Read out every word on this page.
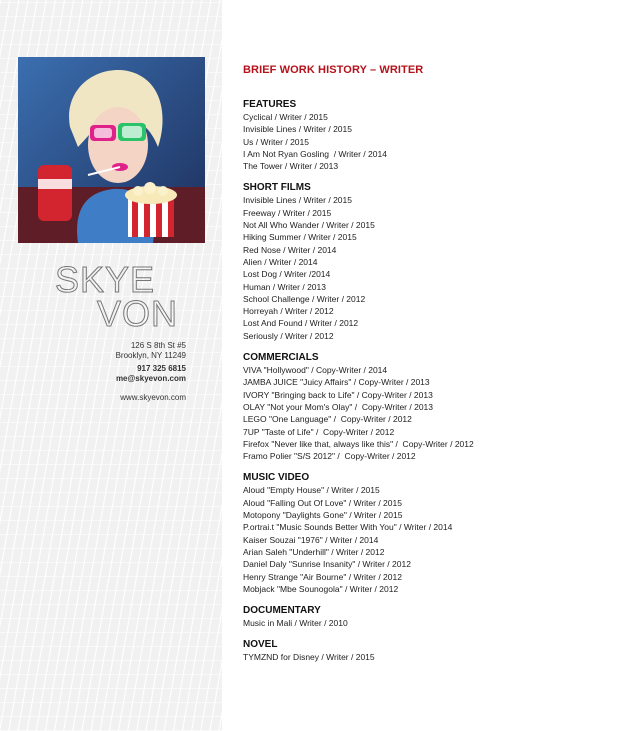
SKYE
VON
126 S 8th St #5
Brooklyn, NY 11249
917 325 6815
me@skyevon.com
www.skyevon.com
BRIEF WORK HISTORY – WRITER
FEATURES
Cyclical / Writer / 2015
Invisible Lines / Writer / 2015
Us / Writer / 2015
I Am Not Ryan Gosling  / Writer / 2014
The Tower / Writer / 2013
SHORT FILMS
Invisible Lines / Writer / 2015
Freeway / Writer / 2015
Not All Who Wander / Writer / 2015
Hiking Summer / Writer / 2015
Red Nose / Writer / 2014
Alien / Writer / 2014
Lost Dog / Writer /2014
Human / Writer / 2013
School Challenge / Writer / 2012
Horreyah / Writer / 2012
Lost And Found / Writer / 2012
Seriously / Writer / 2012
COMMERCIALS
VIVA "Hollywood" / Copy-Writer / 2014
JAMBA JUICE "Juicy Affairs" / Copy-Writer / 2013
IVORY "Bringing back to Life" / Copy-Writer / 2013
OLAY "Not your Mom's Olay" /  Copy-Writer / 2013
LEGO "One Language" /  Copy-Writer / 2012
7UP "Taste of Life" /  Copy-Writer / 2012
Firefox "Never like that, always like this" /  Copy-Writer / 2012
Framo Polier "S/S 2012" /  Copy-Writer / 2012
MUSIC VIDEO
Aloud "Empty House" / Writer / 2015
Aloud "Falling Out Of Love" / Writer / 2015
Motopony "Daylights Gone" / Writer / 2015
P.ortrai.t "Music Sounds Better With You" / Writer / 2014
Kaiser Souzai "1976" / Writer / 2014
Arian Saleh "Underhill" / Writer / 2012
Daniel Daly "Sunrise Insanity" / Writer / 2012
Henry Strange "Air Bourne" / Writer / 2012
Mobjack "Mbe Sounogola" / Writer / 2012
DOCUMENTARY
Music in Mali / Writer / 2010
NOVEL
TYMZND for Disney / Writer / 2015
